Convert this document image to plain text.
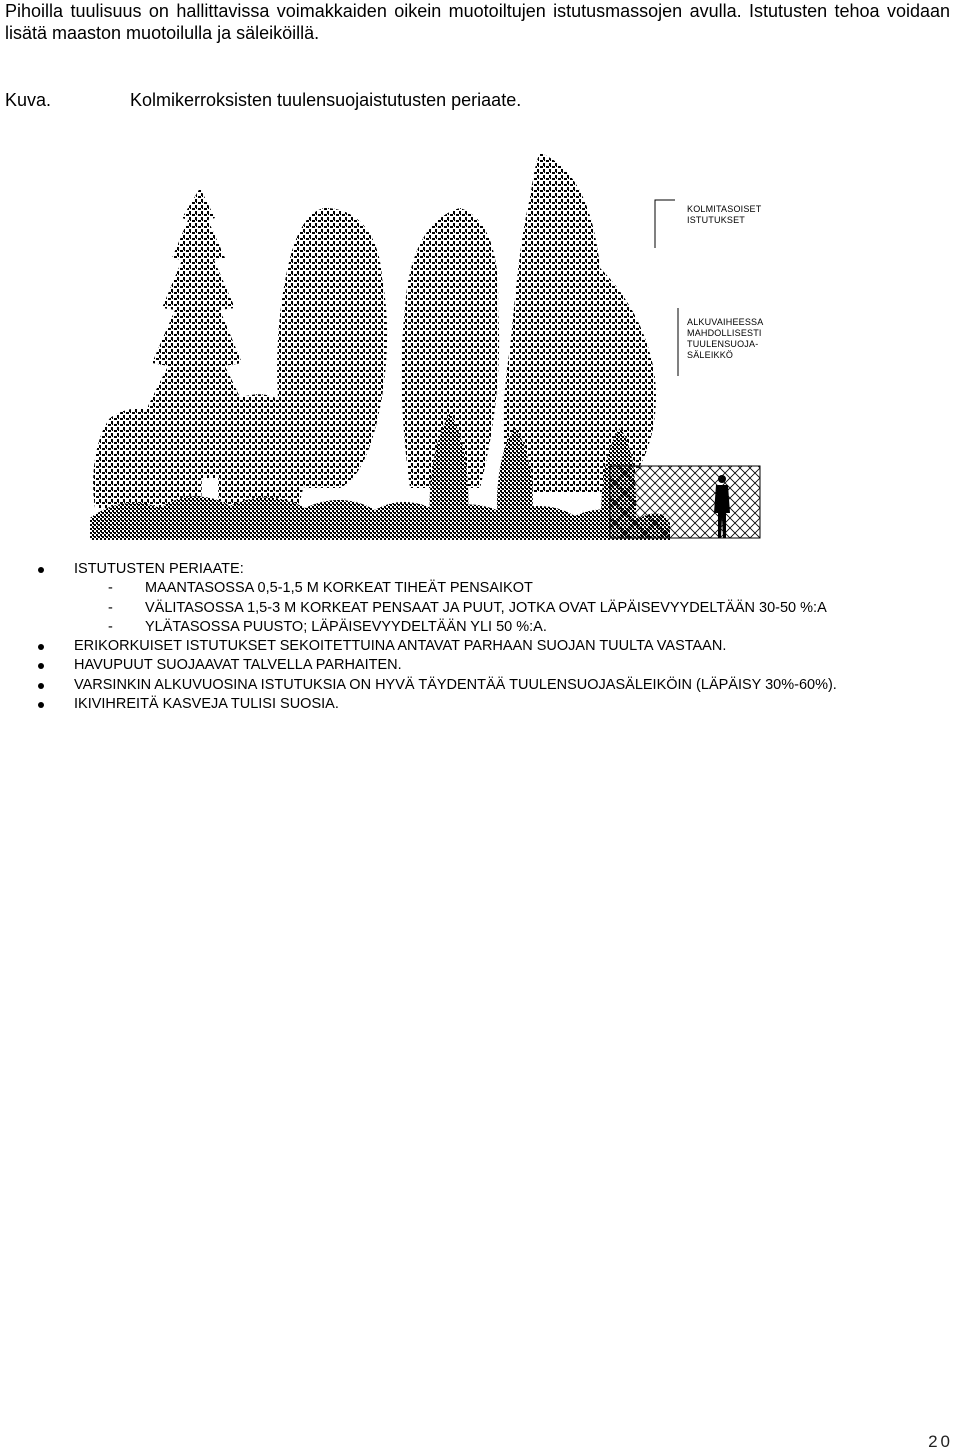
Pihoilla tuulisuus on hallittavissa voimakkaiden oikein muotoiltujen istutusmassojen avulla. Istutusten tehoa voidaan lisätä maaston muotoilulla ja säleiköillä.

Kuva.	Kolmikerroksisten tuulensuojaistutusten periaate.
KOLMITASOISET
ISTUTUKSET
ALKUVAIHEESSA
MAHDOLLISESTI
TUULENSUOJA-
SÄLEIKKÖ
ISTUTUSTEN PERIAATE:
- MAANTASOSSA 0,5-1,5 M KORKEAT TIHEÄT PENSAIKOT
- VÄLITASOSSA 1,5-3 M KORKEAT PENSAAT JA PUUT, JOTKA OVAT LÄPÄISEVYYDELTÄÄN 30-50 %:A
- YLÄTASOSSA PUUSTO; LÄPÄISEVYYDELTÄÄN YLI 50 %:A.
ERIKORKUISET ISTUTUKSET SEKOITETTUINA ANTAVAT PARHAAN SUOJAN TUULTA VASTAAN.
HAVUPUUT SUOJAAVAT TALVELLA PARHAITEN.
VARSINKIN ALKUVUOSINA ISTUTUKSIA ON HYVÄ TÄYDENTÄÄ TUULENSUOJASÄLEIKÖIN (LÄPÄISY 30%-60%).
IKIVIHREITÄ KASVEJA TULISI SUOSIA.
20
